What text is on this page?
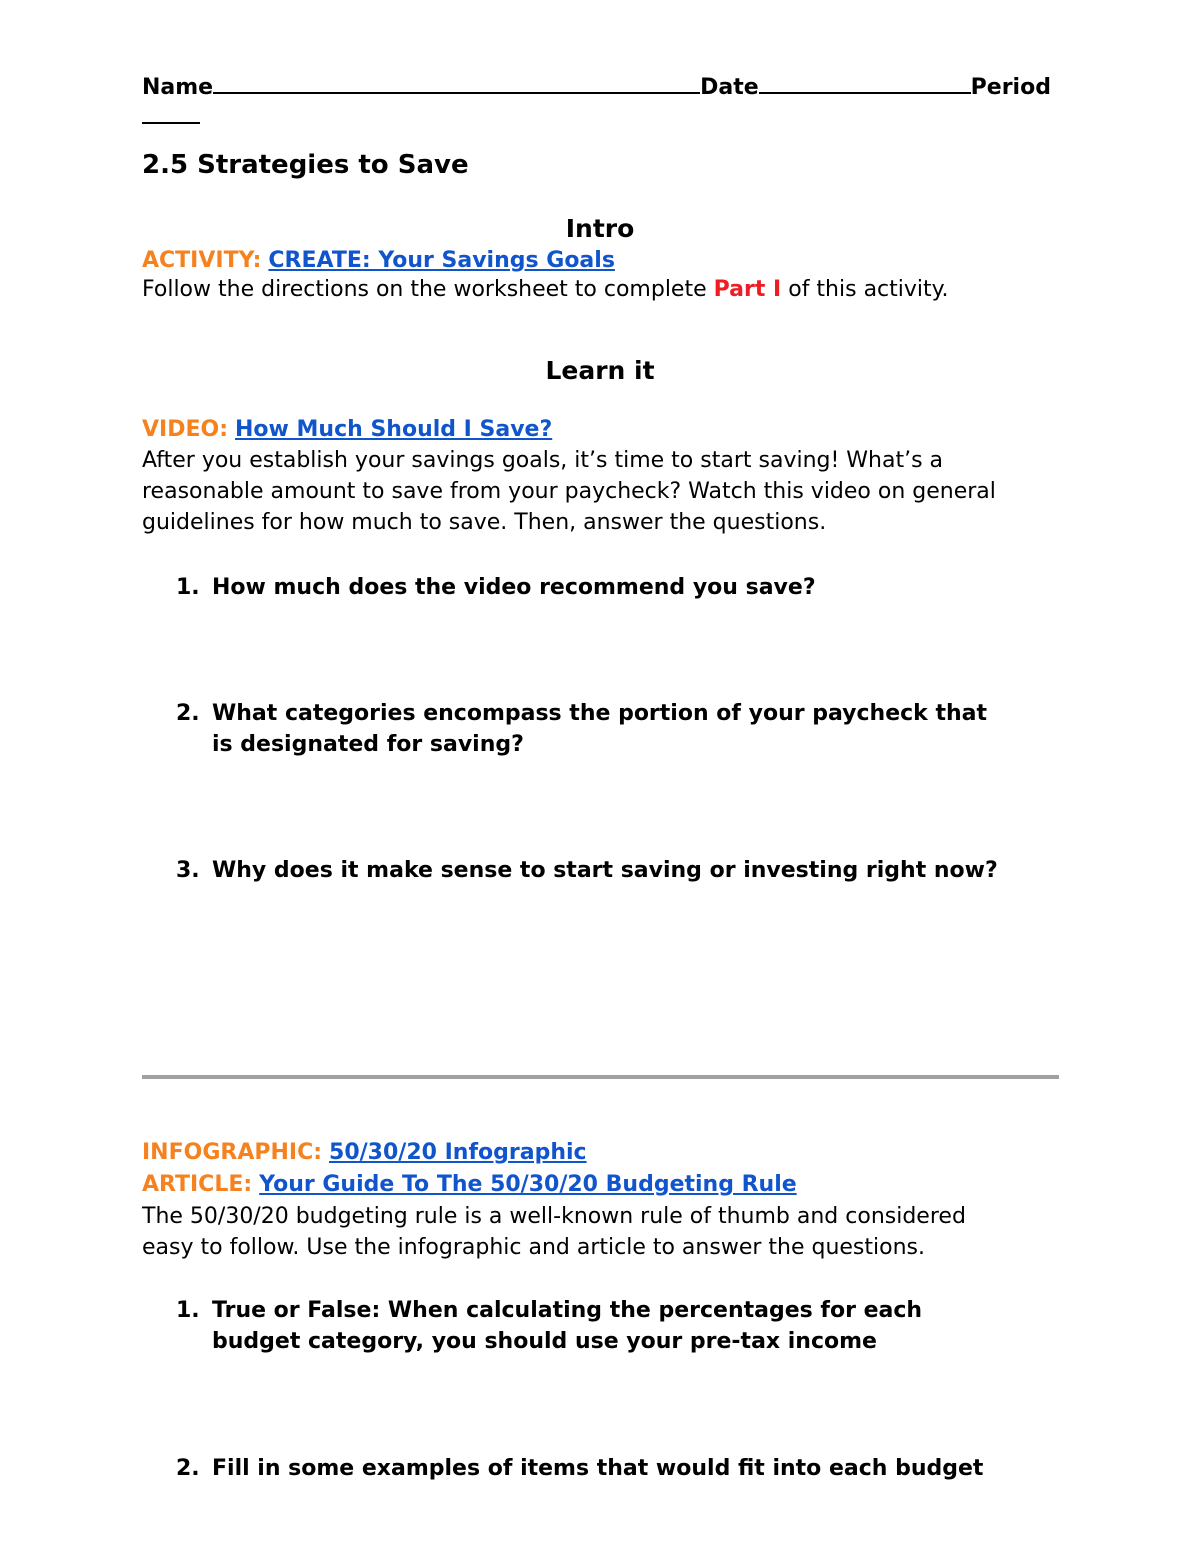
Name	Date	Period
2.5 Strategies to Save
Intro
ACTIVITY: CREATE: Your Savings Goals
Follow the directions on the worksheet to complete Part I of this activity.
Learn it
VIDEO: How Much Should I Save?
After you establish your savings goals, it’s time to start saving! What’s a
reasonable amount to save from your paycheck? Watch this video on general
guidelines for how much to save. Then, answer the questions.
1. How much does the video recommend you save?
2. What categories encompass the portion of your paycheck that
is designated for saving?
3. Why does it make sense to start saving or investing right now?
INFOGRAPHIC: 50/30/20 Infographic
ARTICLE: Your Guide To The 50/30/20 Budgeting Rule
The 50/30/20 budgeting rule is a well-known rule of thumb and considered
easy to follow. Use the infographic and article to answer the questions.
1. True or False: When calculating the percentages for each
budget category, you should use your pre-tax income
2. Fill in some examples of items that would fit into each budget
